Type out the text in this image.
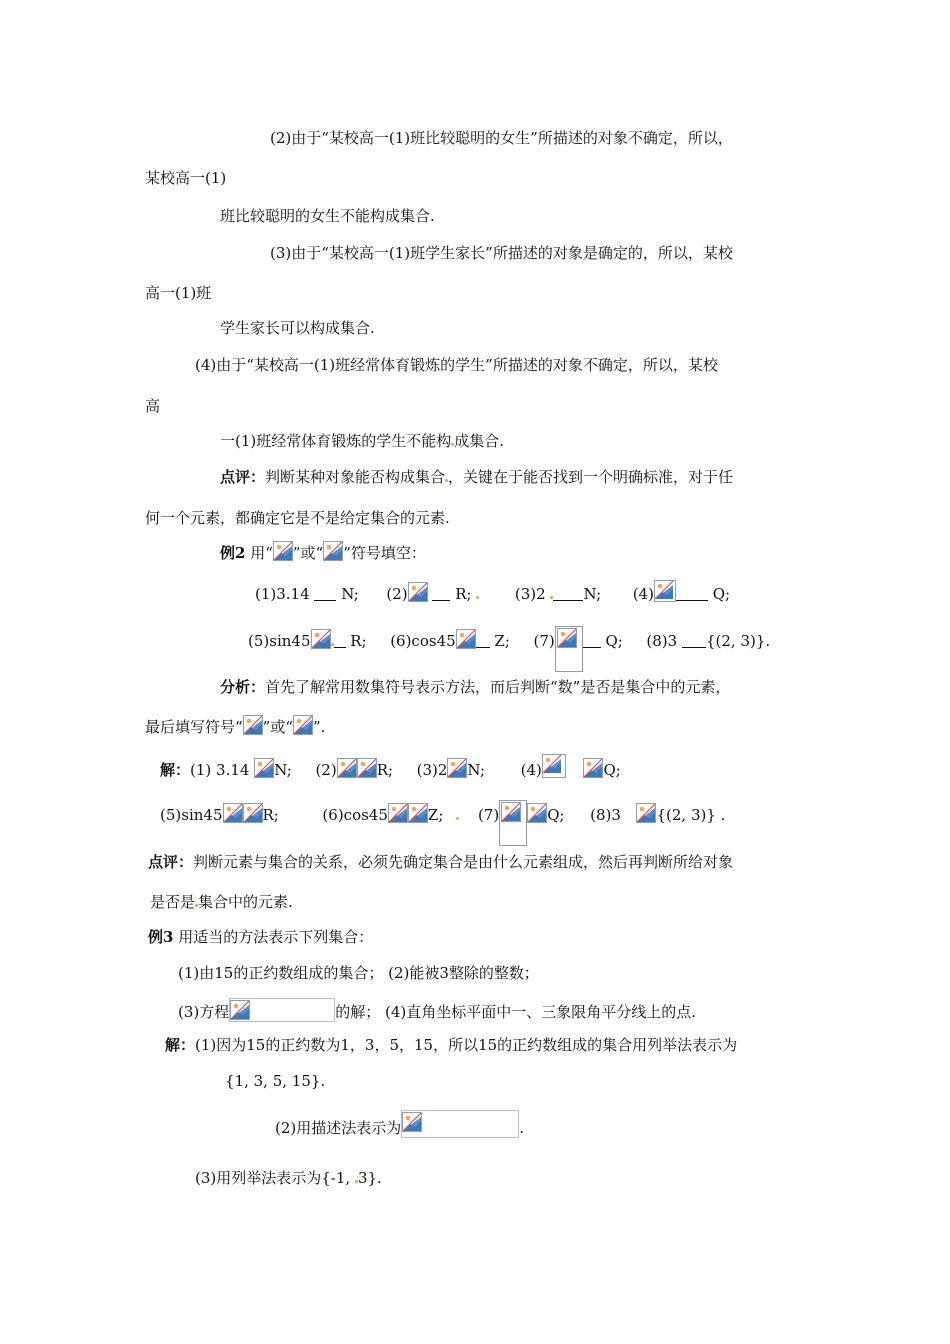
(2)由于“某校高一(1)班比较聪明的女生”所描述的对象不确定，所以，
某校高一(1)
班比较聪明的女生不能构成集合.
(3)由于“某校高一(1)班学生家长”所描述的对象是确定的，所以，某校
高一(1)班
学生家长可以构成集合.
(4)由于“某校高一(1)班经常体育锻炼的学生”所描述的对象不确定，所以，某校
高
一(1)班经常体育锻炼的学生不能构 成集合.
点评：判断某种对象能否构成集合 ，关键在于能否找到一个明确标准，对于任
何一个元素，都确定它是不是给定集合的元素.
例2 用“ ”或“ ”符号填空：
(1)3.14  N; (2)	R;	(3)2	N; (4)	Q;
(5)sin45
R; (6)cos45
Z; (7)	Q; (8)3 {(2, 3)}.
分析：首先了解常用数集符号表示方法，而后判断“数”是否是集合中的元素，
最后填写符号“ ”或“ ”.
解：(1) 3.14 N; (2)	R; (3)2 N; (4)
	Q;
(5)sin45	R;	(6)cos45	Z; (7)	Q; (8)3 {(2, 3)} .
点评：判断元素与集合的关系，必须先确定集合是由什么元素组成，然后再判断所给对象
是否是 集合中的元素.
例3 用适当的方法表示下列集合：
(1)由15的正约数组成的集合； (2)能被3整除的整数；
(3)方程	的解； (4)直角坐标平面中一、三象限角平分线上的点.
解：(1)因为15的正约数为1，3，5，15，所以15的正约数组成的集合用列举法表示为
{1, 3, 5, 15}.
(2)用描述法表示为	.
(3)用列举法表示为{-1, 3}.
